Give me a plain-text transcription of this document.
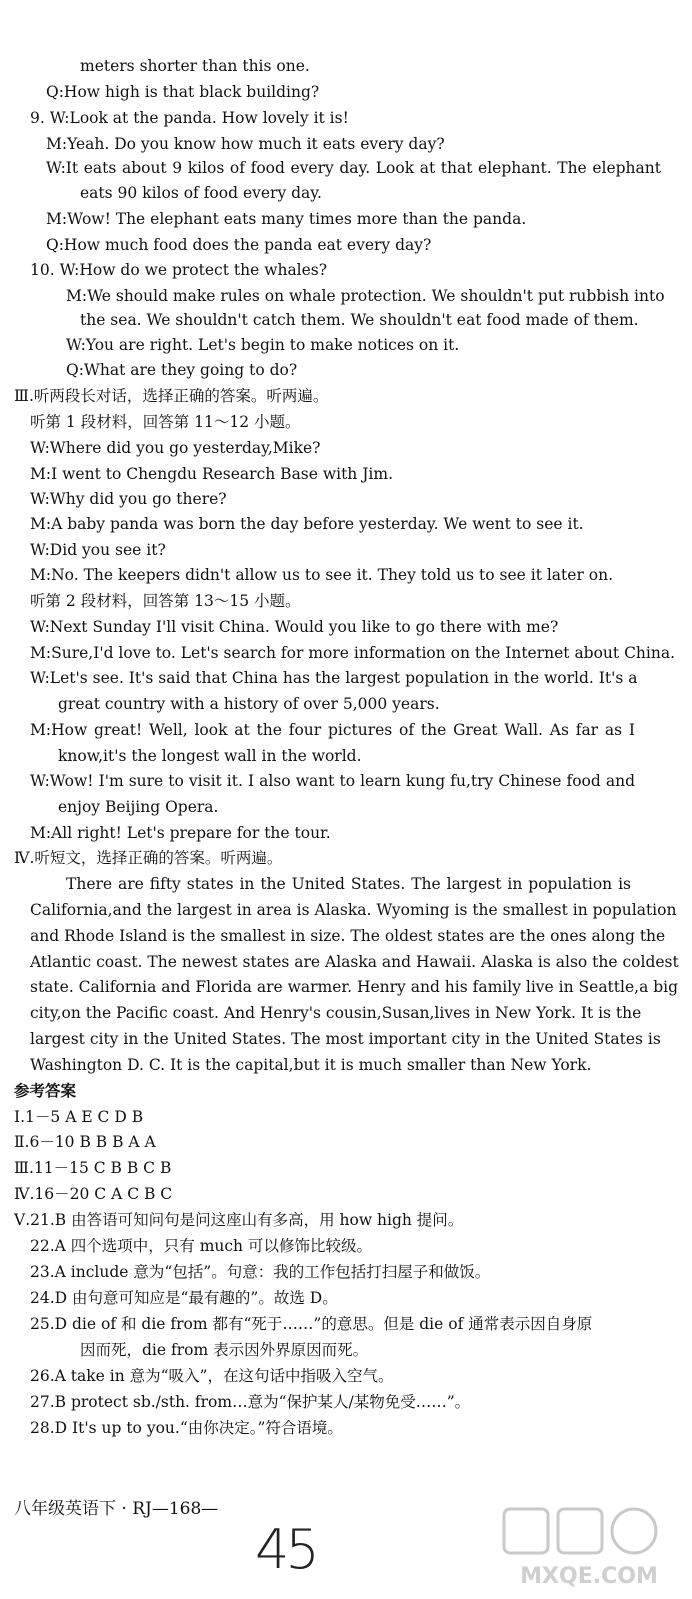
meters shorter than this one.
Q:How high is that black building?
9. W:Look at the panda. How lovely it is!
M:Yeah. Do you know how much it eats every day?
W:It eats about 9 kilos of food every day. Look at that elephant. The elephant
eats 90 kilos of food every day.
M:Wow! The elephant eats many times more than the panda.
Q:How much food does the panda eat every day?
10. W:How do we protect the whales?
M:We should make rules on whale protection. We shouldn't put rubbish into
the sea. We shouldn't catch them. We shouldn't eat food made of them.
W:You are right. Let's begin to make notices on it.
Q:What are they going to do?
Ⅲ.听两段长对话，选择正确的答案。听两遍。
听第 1 段材料，回答第 11～12 小题。
W:Where did you go yesterday,Mike?
M:I went to Chengdu Research Base with Jim.
W:Why did you go there?
M:A baby panda was born the day before yesterday. We went to see it.
W:Did you see it?
M:No. The keepers didn't allow us to see it. They told us to see it later on.
听第 2 段材料，回答第 13～15 小题。
W:Next Sunday I'll visit China. Would you like to go there with me?
M:Sure,I'd love to. Let's search for more information on the Internet about China.
W:Let's see. It's said that China has the largest population in the world. It's a
great country with a history of over 5,000 years.
M:How great! Well, look at the four pictures of the Great Wall. As far as I
know,it's the longest wall in the world.
W:Wow! I'm sure to visit it. I also want to learn kung fu,try Chinese food and
enjoy Beijing Opera.
M:All right! Let's prepare for the tour.
Ⅳ.听短文，选择正确的答案。听两遍。
There are fifty states in the United States. The largest in population is
California,and the largest in area is Alaska. Wyoming is the smallest in population
and Rhode Island is the smallest in size. The oldest states are the ones along the
Atlantic coast. The newest states are Alaska and Hawaii. Alaska is also the coldest
state. California and Florida are warmer. Henry and his family live in Seattle,a big
city,on the Pacific coast. And Henry's cousin,Susan,lives in New York. It is the
largest city in the United States. The most important city in the United States is
Washington D. C. It is the capital,but it is much smaller than New York.
参考答案
Ⅰ.1－5 A E C D B
Ⅱ.6－10 B B B A A
Ⅲ.11－15 C B B C B
Ⅳ.16－20 C A C B C
Ⅴ.21.B 由答语可知问句是问这座山有多高，用 how high 提问。
22.A 四个选项中，只有 much 可以修饰比较级。
23.A include 意为“包括”。句意：我的工作包括打扫屋子和做饭。
24.D 由句意可知应是“最有趣的”。故选 D。
25.D die of 和 die from 都有“死于……”的意思。但是 die of 通常表示因自身原
因而死，die from 表示因外界原因而死。
26.A take in 意为“吸入”，在这句话中指吸入空气。
27.B protect sb./sth. from…意为“保护某人/某物免受……”。
28.D It's up to you.“由你决定。”符合语境。
八年级英语下 · RJ—168—
45	MXQE.COM
